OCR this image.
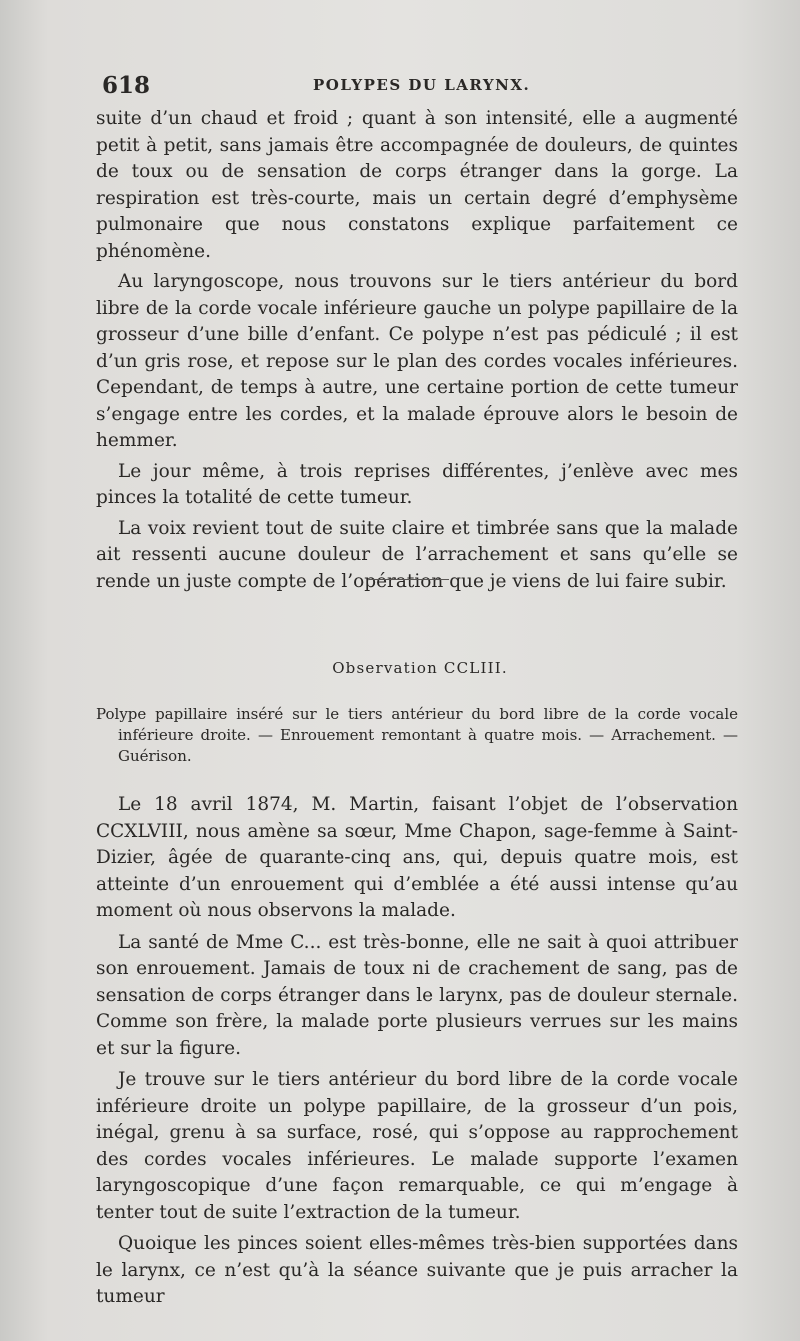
618	POLYPES DU LARYNX.

suite d’un chaud et froid ; quant à son intensité, elle a augmenté petit à petit, sans jamais être accompagnée de douleurs, de quintes de toux ou de sensation de corps étranger dans la gorge. La respiration est très-courte, mais un certain degré d’emphysème pulmonaire que nous constatons explique parfaitement ce phénomène.

Au laryngoscope, nous trouvons sur le tiers antérieur du bord libre de la corde vocale inférieure gauche un polype papillaire de la grosseur d’une bille d’enfant. Ce polype n’est pas pédiculé ; il est d’un gris rose, et repose sur le plan des cordes vocales inférieures. Cependant, de temps à autre, une certaine portion de cette tumeur s’engage entre les cordes, et la malade éprouve alors le besoin de hemmer.

Le jour même, à trois reprises différentes, j’enlève avec mes pinces la totalité de cette tumeur.

La voix revient tout de suite claire et timbrée sans que la malade ait ressenti aucune douleur de l’arrachement et sans qu’elle se rende un juste compte de l’opération que je viens de lui faire subir.

Observation CCLIII.
Polype papillaire inséré sur le tiers antérieur du bord libre de la corde vocale inférieure droite. — Enrouement remontant à quatre mois. — Arrachement. — Guérison.

Le 18 avril 1874, M. Martin, faisant l’objet de l’observation CCXLVIII, nous amène sa sœur, Mme Chapon, sage-femme à Saint-Dizier, âgée de quarante-cinq ans, qui, depuis quatre mois, est atteinte d’un enrouement qui d’emblée a été aussi intense qu’au moment où nous observons la malade.

La santé de Mme C... est très-bonne, elle ne sait à quoi attribuer son enrouement. Jamais de toux ni de crachement de sang, pas de sensation de corps étranger dans le larynx, pas de douleur sternale. Comme son frère, la malade porte plusieurs verrues sur les mains et sur la figure.

Je trouve sur le tiers antérieur du bord libre de la corde vocale inférieure droite un polype papillaire, de la grosseur d’un pois, inégal, grenu à sa surface, rosé, qui s’oppose au rapprochement des cordes vocales inférieures. Le malade supporte l’examen laryngoscopique d’une façon remarquable, ce qui m’engage à tenter tout de suite l’extraction de la tumeur.

Quoique les pinces soient elles-mêmes très-bien supportées dans le larynx, ce n’est qu’à la séance suivante que je puis arracher la tumeur
